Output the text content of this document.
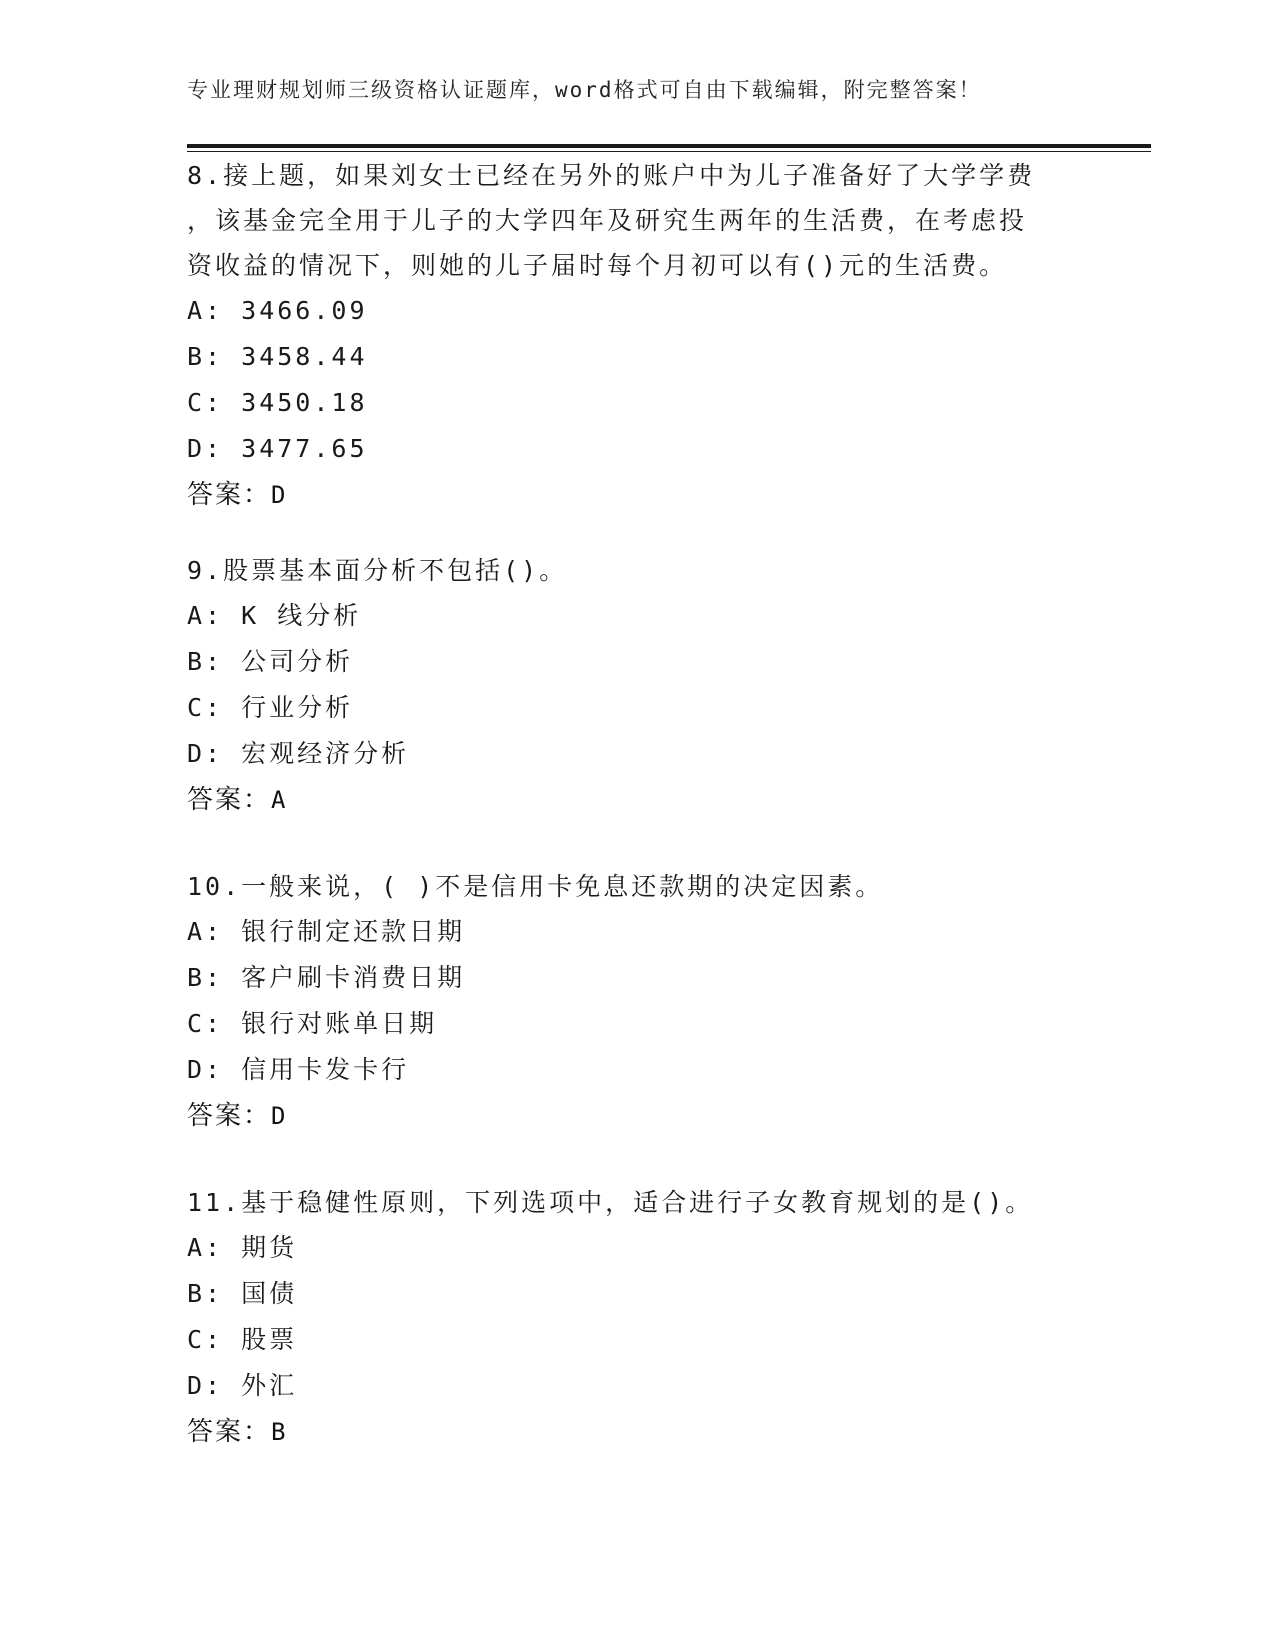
专业理财规划师三级资格认证题库，word格式可自由下载编辑，附完整答案！

8.接上题，如果刘女士已经在另外的账户中为儿子准备好了大学学费

，该基金完全用于儿子的大学四年及研究生两年的生活费，在考虑投

资收益的情况下，则她的儿子届时每个月初可以有()元的生活费。

A: 3466.09

B: 3458.44

C: 3450.18

D: 3477.65

答案：D

9.股票基本面分析不包括()。

A: K 线分析

B: 公司分析

C: 行业分析

D: 宏观经济分析

答案：A

10.一般来说，( )不是信用卡免息还款期的决定因素。

A: 银行制定还款日期

B: 客户刷卡消费日期

C: 银行对账单日期

D: 信用卡发卡行

答案：D

11.基于稳健性原则，下列选项中，适合进行子女教育规划的是()。

A: 期货

B: 国债

C: 股票

D: 外汇

答案：B
